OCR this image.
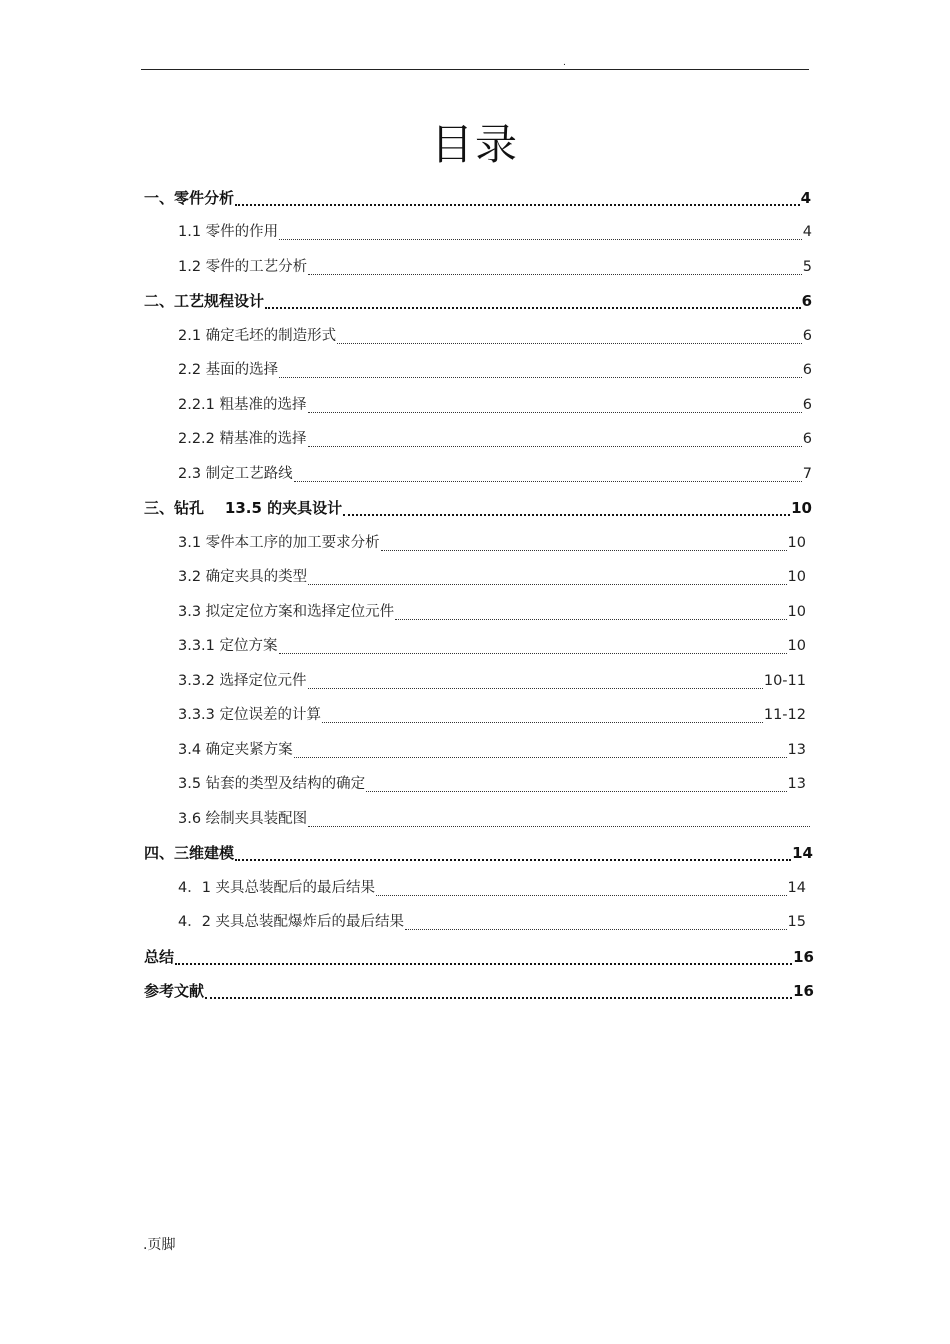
.
目录
一、零件分析	4
1.1 零件的作用	4
1.2 零件的工艺分析	5
二、工艺规程设计	6
2.1 确定毛坯的制造形式	6
2.2 基面的选择	6
2.2.1 粗基准的选择	6
2.2.2 精基准的选择	6
2.3 制定工艺路线	7
三、钻孔    13.5 的夹具设计	10
3.1 零件本工序的加工要求分析	10
3.2 确定夹具的类型	10
3.3 拟定定位方案和选择定位元件	10
3.3.1 定位方案	10
3.3.2 选择定位元件	10-11
3.3.3 定位误差的计算	11-12
3.4 确定夹紧方案	13
3.5 钻套的类型及结构的确定	13
3.6 绘制夹具装配图
四、三维建模	14
4．1 夹具总装配后的最后结果	14
4．2 夹具总装配爆炸后的最后结果	15
总结	16
参考文献	16
.页脚
